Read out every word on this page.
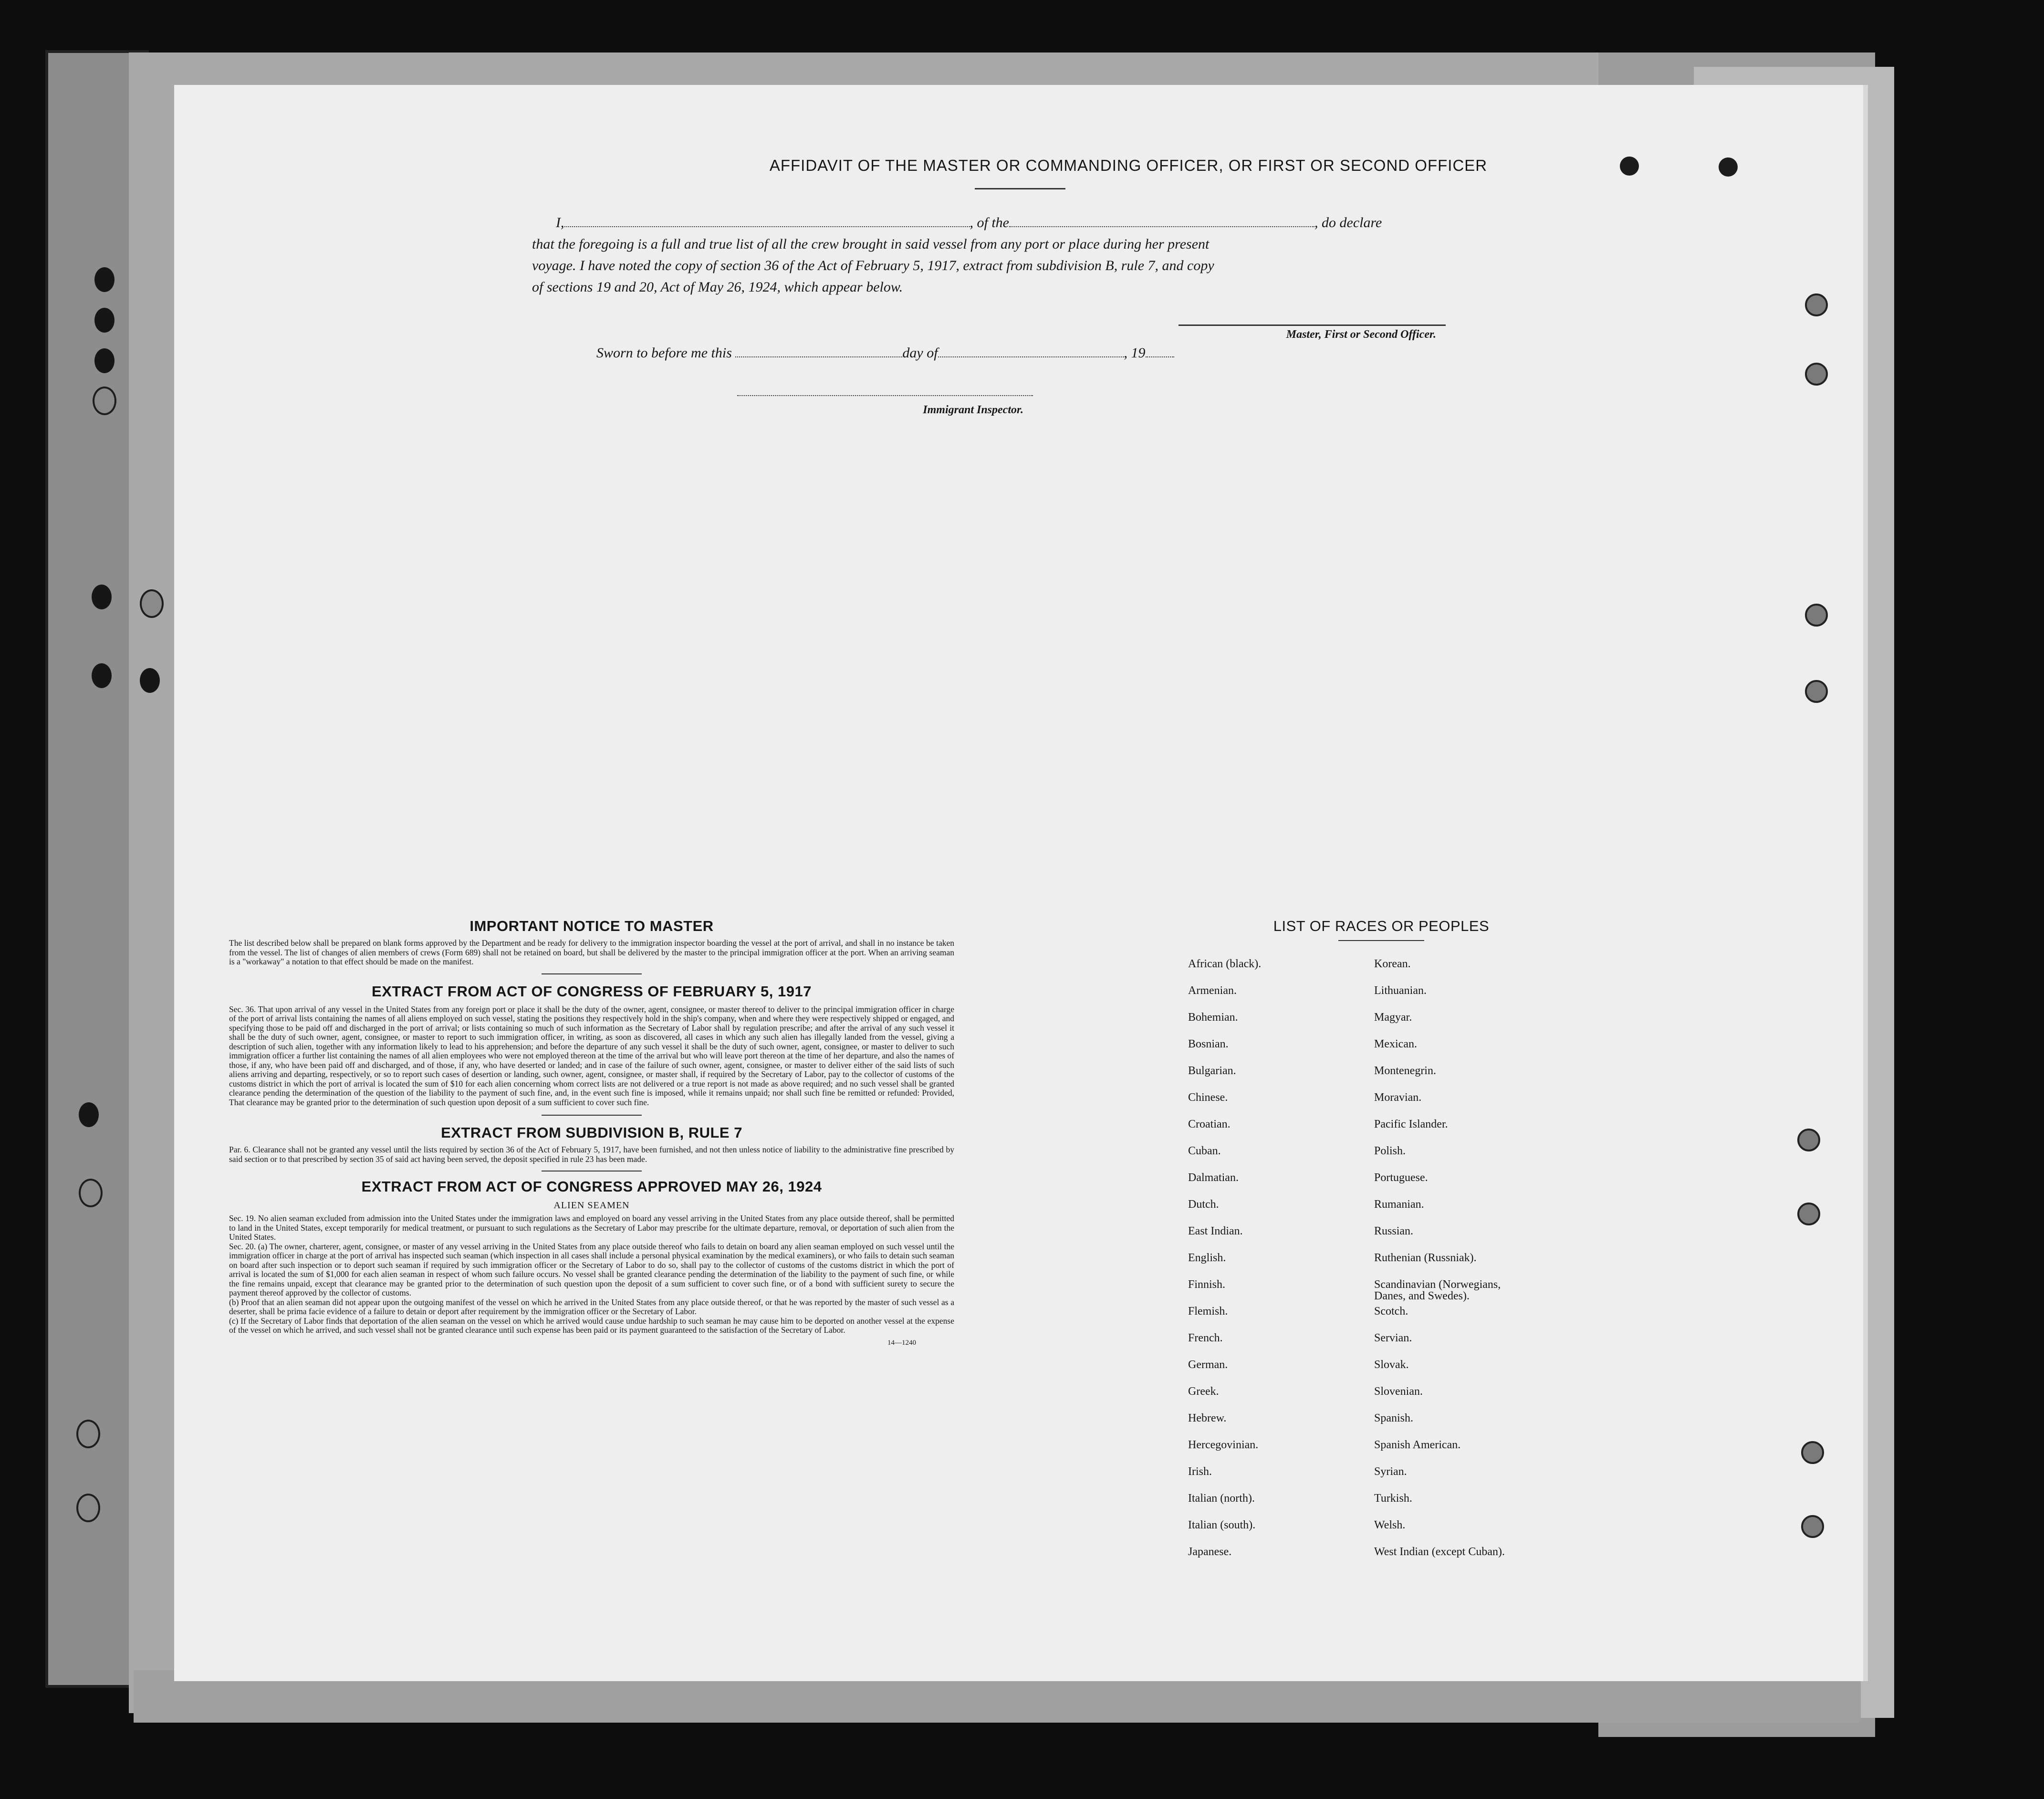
AFFIDAVIT OF THE MASTER OR COMMANDING OFFICER, OR FIRST OR SECOND OFFICER
I,	, of the	, do declare
that the foregoing is a full and true list of all the crew brought in said vessel from any port or place during her present
voyage. I have noted the copy of section 36 of the Act of February 5, 1917, extract from subdivision B, rule 7, and copy
of sections 19 and 20, Act of May 26, 1924, which appear below.
Master, First or Second Officer.
Sworn to before me this	day of	, 19
Immigrant Inspector.
IMPORTANT NOTICE TO MASTER

The list described below shall be prepared on blank forms approved by the Department and be ready for delivery to the immigration inspector boarding the vessel at the port of arrival, and shall in no instance be taken from the vessel. The list of changes of alien members of crews (Form 689) shall not be retained on board, but shall be delivered by the master to the principal immigration officer at the port. When an arriving seaman is a "workaway" a notation to that effect should be made on the manifest.

EXTRACT FROM ACT OF CONGRESS OF FEBRUARY 5, 1917

Sec. 36. That upon arrival of any vessel in the United States from any foreign port or place it shall be the duty of the owner, agent, consignee, or master thereof to deliver to the principal immigration officer in charge of the port of arrival lists containing the names of all aliens employed on such vessel, stating the positions they respectively hold in the ship's company, when and where they were respectively shipped or engaged, and specifying those to be paid off and discharged in the port of arrival; or lists containing so much of such information as the Secretary of Labor shall by regulation prescribe; and after the arrival of any such vessel it shall be the duty of such owner, agent, consignee, or master to report to such immigration officer, in writing, as soon as discovered, all cases in which any such alien has illegally landed from the vessel, giving a description of such alien, together with any information likely to lead to his apprehension; and before the departure of any such vessel it shall be the duty of such owner, agent, consignee, or master to deliver to such immigration officer a further list containing the names of all alien employees who were not employed thereon at the time of the arrival but who will leave port thereon at the time of her departure, and also the names of those, if any, who have been paid off and discharged, and of those, if any, who have deserted or landed; and in case of the failure of such owner, agent, consignee, or master to deliver either of the said lists of such aliens arriving and departing, respectively, or so to report such cases of desertion or landing, such owner, agent, consignee, or master shall, if required by the Secretary of Labor, pay to the collector of customs of the customs district in which the port of arrival is located the sum of $10 for each alien concerning whom correct lists are not delivered or a true report is not made as above required; and no such vessel shall be granted clearance pending the determination of the question of the liability to the payment of such fine, and, in the event such fine is imposed, while it remains unpaid; nor shall such fine be remitted or refunded: Provided, That clearance may be granted prior to the determination of such question upon deposit of a sum sufficient to cover such fine.

EXTRACT FROM SUBDIVISION B, RULE 7

Par. 6. Clearance shall not be granted any vessel until the lists required by section 36 of the Act of February 5, 1917, have been furnished, and not then unless notice of liability to the administrative fine prescribed by said section or to that prescribed by section 35 of said act having been served, the deposit specified in rule 23 has been made.

EXTRACT FROM ACT OF CONGRESS APPROVED MAY 26, 1924
ALIEN SEAMEN

Sec. 19. No alien seaman excluded from admission into the United States under the immigration laws and employed on board any vessel arriving in the United States from any place outside thereof, shall be permitted to land in the United States, except temporarily for medical treatment, or pursuant to such regulations as the Secretary of Labor may prescribe for the ultimate departure, removal, or deportation of such alien from the United States.

Sec. 20. (a) The owner, charterer, agent, consignee, or master of any vessel arriving in the United States from any place outside thereof who fails to detain on board any alien seaman employed on such vessel until the immigration officer in charge at the port of arrival has inspected such seaman (which inspection in all cases shall include a personal physical examination by the medical examiners), or who fails to detain such seaman on board after such inspection or to deport such seaman if required by such immigration officer or the Secretary of Labor to do so, shall pay to the collector of customs of the customs district in which the port of arrival is located the sum of $1,000 for each alien seaman in respect of whom such failure occurs. No vessel shall be granted clearance pending the determination of the liability to the payment of such fine, or while the fine remains unpaid, except that clearance may be granted prior to the determination of such question upon the deposit of a sum sufficient to cover such fine, or of a bond with sufficient surety to secure the payment thereof approved by the collector of customs.

(b) Proof that an alien seaman did not appear upon the outgoing manifest of the vessel on which he arrived in the United States from any place outside thereof, or that he was reported by the master of such vessel as a deserter, shall be prima facie evidence of a failure to detain or deport after requirement by the immigration officer or the Secretary of Labor.

(c) If the Secretary of Labor finds that deportation of the alien seaman on the vessel on which he arrived would cause undue hardship to such seaman he may cause him to be deported on another vessel at the expense of the vessel on which he arrived, and such vessel shall not be granted clearance until such expense has been paid or its payment guaranteed to the satisfaction of the Secretary of Labor.

14—1240
LIST OF RACES OR PEOPLES
African (black).	Korean.
Armenian.	Lithuanian.
Bohemian.	Magyar.
Bosnian.	Mexican.
Bulgarian.	Montenegrin.
Chinese.	Moravian.
Croatian.	Pacific Islander.
Cuban.	Polish.
Dalmatian.	Portuguese.
Dutch.	Rumanian.
East Indian.	Russian.
English.	Ruthenian (Russniak).
Finnish.	Scandinavian (Norwegians,
Danes, and Swedes).
Flemish.	Scotch.
French.	Servian.
German.	Slovak.
Greek.	Slovenian.
Hebrew.	Spanish.
Hercegovinian.	Spanish American.
Irish.	Syrian.
Italian (north).	Turkish.
Italian (south).	Welsh.
Japanese.	West Indian (except Cuban).
